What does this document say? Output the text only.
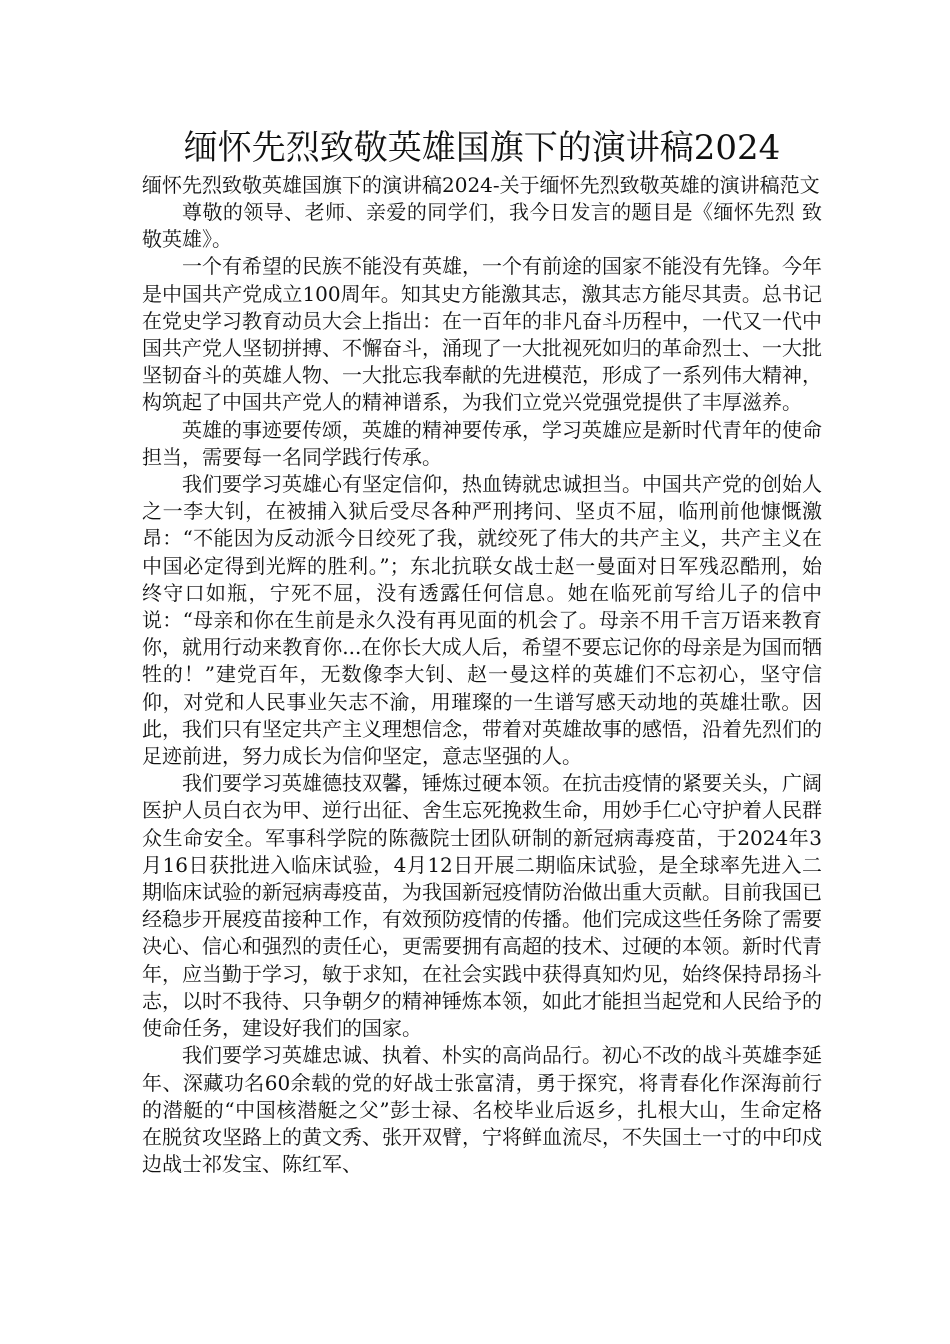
缅怀先烈致敬英雄国旗下的演讲稿2024

缅怀先烈致敬英雄国旗下的演讲稿2024-关于缅怀先烈致敬英雄的演讲稿范文

尊敬的领导、老师、亲爱的同学们，我今日发言的题目是《缅怀先烈 致敬英雄》。

一个有希望的民族不能没有英雄，一个有前途的国家不能没有先锋。今年是中国共产党成立100周年。知其史方能激其志，激其志方能尽其责。总书记在党史学习教育动员大会上指出：在一百年的非凡奋斗历程中，一代又一代中国共产党人坚韧拼搏、不懈奋斗，涌现了一大批视死如归的革命烈士、一大批坚韧奋斗的英雄人物、一大批忘我奉献的先进模范，形成了一系列伟大精神，构筑起了中国共产党人的精神谱系，为我们立党兴党强党提供了丰厚滋养。

英雄的事迹要传颂，英雄的精神要传承，学习英雄应是新时代青年的使命担当，需要每一名同学践行传承。

我们要学习英雄心有坚定信仰，热血铸就忠诚担当。中国共产党的创始人之一李大钊，在被捕入狱后受尽各种严刑拷问、坚贞不屈，临刑前他慷慨激昂：“不能因为反动派今日绞死了我，就绞死了伟大的共产主义，共产主义在中国必定得到光辉的胜利。”；东北抗联女战士赵一曼面对日军残忍酷刑，始终守口如瓶，宁死不屈，没有透露任何信息。她在临死前写给儿子的信中说：“母亲和你在生前是永久没有再见面的机会了。母亲不用千言万语来教育你，就用行动来教育你...在你长大成人后，希望不要忘记你的母亲是为国而牺牲的！”建党百年，无数像李大钊、赵一曼这样的英雄们不忘初心，坚守信仰，对党和人民事业矢志不渝，用璀璨的一生谱写感天动地的英雄壮歌。因此，我们只有坚定共产主义理想信念，带着对英雄故事的感悟，沿着先烈们的足迹前进，努力成长为信仰坚定，意志坚强的人。

我们要学习英雄德技双馨，锤炼过硬本领。在抗击疫情的紧要关头，广阔医护人员白衣为甲、逆行出征、舍生忘死挽救生命，用妙手仁心守护着人民群众生命安全。军事科学院的陈薇院士团队研制的新冠病毒疫苗，于2024年3月16日获批进入临床试验，4月12日开展二期临床试验，是全球率先进入二期临床试验的新冠病毒疫苗，为我国新冠疫情防治做出重大贡献。目前我国已经稳步开展疫苗接种工作，有效预防疫情的传播。他们完成这些任务除了需要决心、信心和强烈的责任心，更需要拥有高超的技术、过硬的本领。新时代青年，应当勤于学习，敏于求知，在社会实践中获得真知灼见，始终保持昂扬斗志，以时不我待、只争朝夕的精神锤炼本领，如此才能担当起党和人民给予的使命任务，建设好我们的国家。

我们要学习英雄忠诚、执着、朴实的高尚品行。初心不改的战斗英雄李延年、深藏功名60余载的党的好战士张富清，勇于探究，将青春化作深海前行的潜艇的“中国核潜艇之父”彭士禄、名校毕业后返乡，扎根大山，生命定格在脱贫攻坚路上的黄文秀、张开双臂，宁将鲜血流尽，不失国土一寸的中印戍边战士祁发宝、陈红军、
